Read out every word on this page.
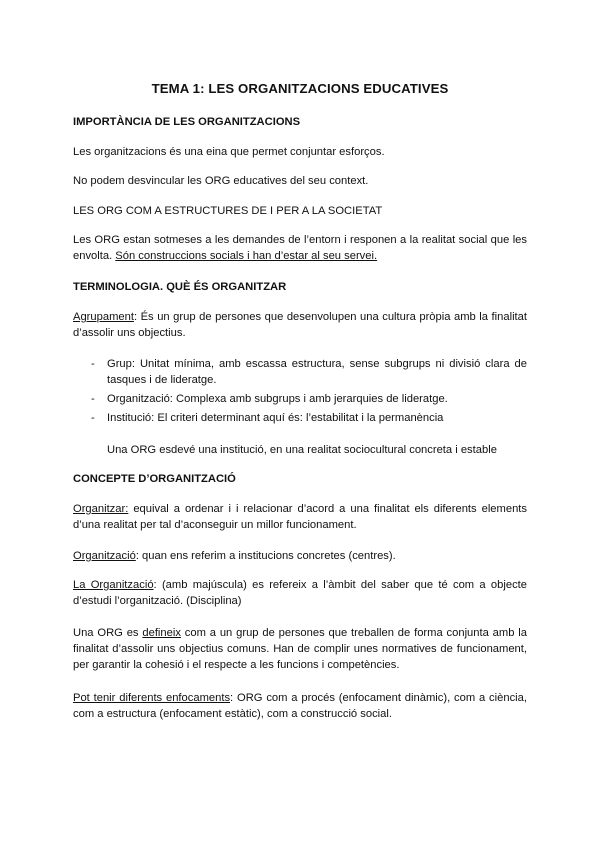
TEMA 1: LES ORGANITZACIONS EDUCATIVES
IMPORTÀNCIA DE LES ORGANITZACIONS
Les organitzacions és una eina que permet conjuntar esforços.
No podem desvincular les ORG educatives del seu context.
LES ORG COM A ESTRUCTURES DE I PER A LA SOCIETAT
Les ORG estan sotmeses a les demandes de l’entorn i responen a la realitat social que les envolta. Són construccions socials i han d’estar al seu servei.
TERMINOLOGIA. QUÈ ÉS ORGANITZAR
Agrupament: És un grup de persones que desenvolupen una cultura pròpia amb la finalitat d’assolir uns objectius.
- Grup: Unitat mínima, amb escassa estructura, sense subgrups ni divisió clara de tasques i de lideratge.
- Organització: Complexa amb subgrups i amb jerarquies de lideratge.
- Institució: El criteri determinant aquí és: l’estabilitat i la permanència
Una ORG esdevé una institució, en una realitat sociocultural concreta i estable
CONCEPTE D’ORGANITZACIÓ
Organitzar: equival a ordenar i i relacionar d’acord a una finalitat els diferents elements d’una realitat per tal d’aconseguir un millor funcionament.
Organització: quan ens referim a institucions concretes (centres).
La Organització: (amb majúscula) es refereix a l’àmbit del saber que té com a objecte d’estudi l’organització. (Disciplina)
Una ORG es defineix com a un grup de persones que treballen de forma conjunta amb la finalitat d’assolir uns objectius comuns. Han de complir unes normatives de funcionament, per garantir la cohesió i el respecte a les funcions i competències.
Pot tenir diferents enfocaments: ORG com a procés (enfocament dinàmic), com a ciència, com a estructura (enfocament estàtic), com a construcció social.
